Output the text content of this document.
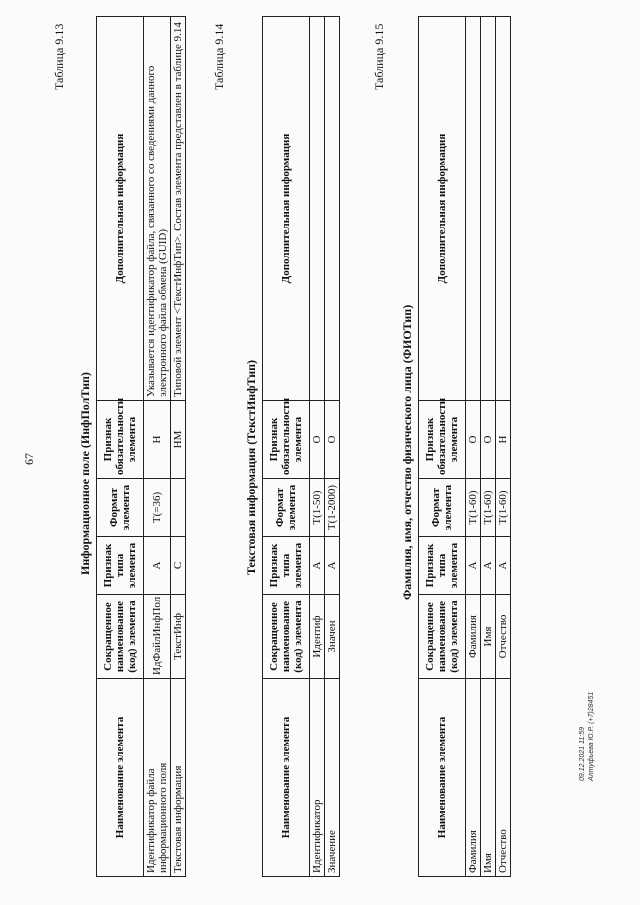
67
Таблица 9.13
Информационное поле (ИнфПолТип)
Наименование элемента	Сокращенное наименование (код) элемента	Признак типа элемента	Формат элемента	Признак обязательности элемента	Дополнительная информация
Идентификатор файла информационного поля	ИдФайлИнфПол	А	T(=36)	Н	Указывается идентификатор файла, связанного со сведениями данного электронного файла обмена (GUID)
Текстовая информация	ТекстИнф	С		НМ	Типовой элемент <ТекстИнфТип>. Состав элемента представлен в таблице 9.14 Таблица 9.14
Текстовая информация (ТекстИнфТип)
Наименование элемента	Сокращенное наименование (код) элемента	Признак типа элемента	Формат элемента	Признак обязательности элемента	Дополнительная информация
Идентификатор	Идентиф	А	T(1-50)	О	
Значение	Значен	А	T(1-2000)	О	
Таблица 9.15
Фамилия, имя, отчество физического лица (ФИОТип)
Наименование элемента	Сокращенное наименование (код) элемента	Признак типа элемента	Формат элемента	Признак обязательности элемента	Дополнительная информация
Фамилия	Фамилия	А	T(1-60)	О	
Имя	Имя	А	T(1-60)	О	
Отчество	Отчество	А	T(1-60)	Н	
09.12.2021 11:59 Алтуфьева Ю.Р. (+7)28451
